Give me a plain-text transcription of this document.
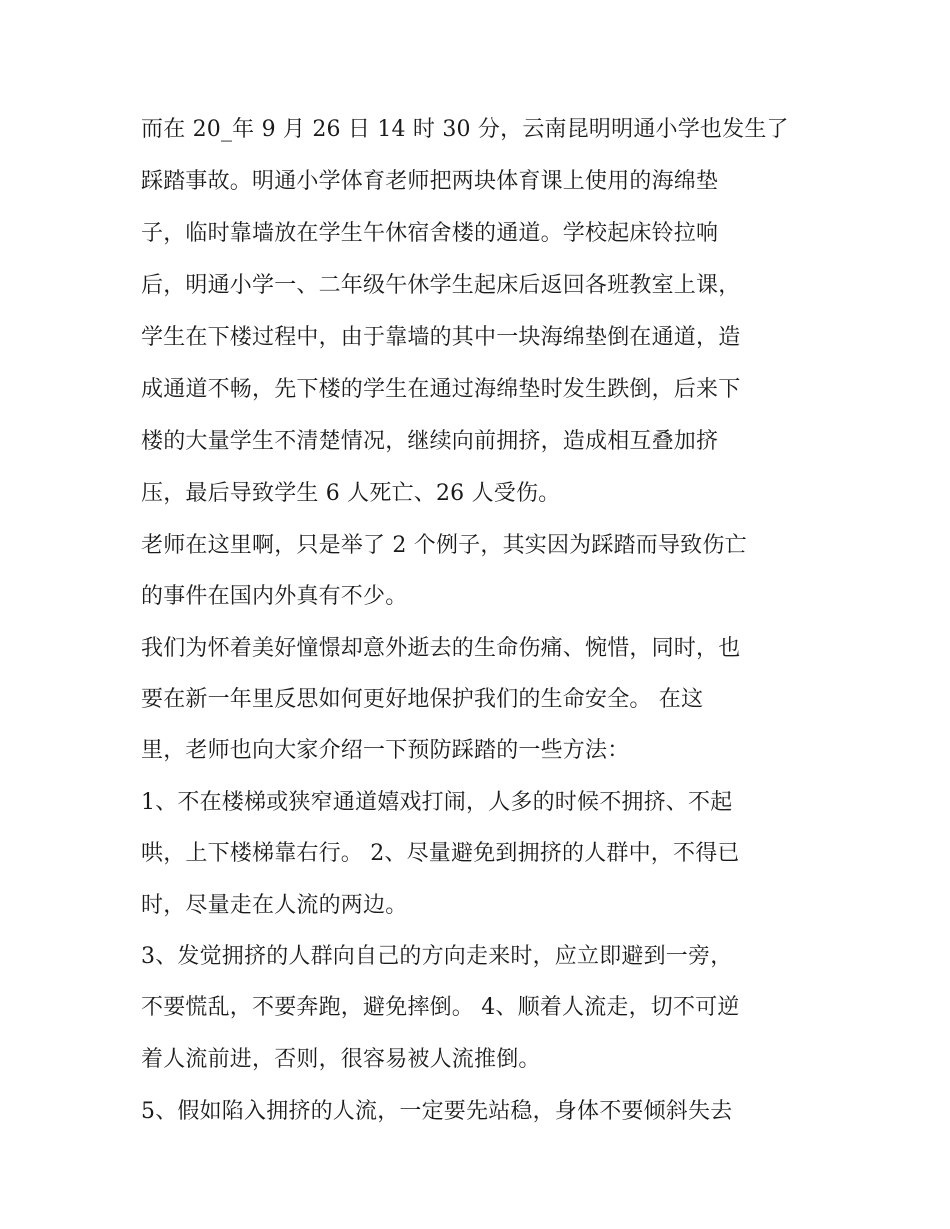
而在 20_年 9 月 26 日 14 时 30 分，云南昆明明通小学也发生了
踩踏事故。明通小学体育老师把两块体育课上使用的海绵垫
子，临时靠墙放在学生午休宿舍楼的通道。学校起床铃拉响
后，明通小学一、二年级午休学生起床后返回各班教室上课，
学生在下楼过程中，由于靠墙的其中一块海绵垫倒在通道，造
成通道不畅，先下楼的学生在通过海绵垫时发生跌倒，后来下
楼的大量学生不清楚情况，继续向前拥挤，造成相互叠加挤
压，最后导致学生 6 人死亡、26 人受伤。
老师在这里啊，只是举了 2 个例子，其实因为踩踏而导致伤亡
的事件在国内外真有不少。
我们为怀着美好憧憬却意外逝去的生命伤痛、惋惜，同时，也
要在新一年里反思如何更好地保护我们的生命安全。 在这
里，老师也向大家介绍一下预防踩踏的一些方法：
1、不在楼梯或狭窄通道嬉戏打闹，人多的时候不拥挤、不起
哄，上下楼梯靠右行。 2、尽量避免到拥挤的人群中，不得已
时，尽量走在人流的两边。
3、发觉拥挤的人群向自己的方向走来时，应立即避到一旁，
不要慌乱，不要奔跑，避免摔倒。 4、顺着人流走，切不可逆
着人流前进，否则，很容易被人流推倒。
5、假如陷入拥挤的人流，一定要先站稳，身体不要倾斜失去
